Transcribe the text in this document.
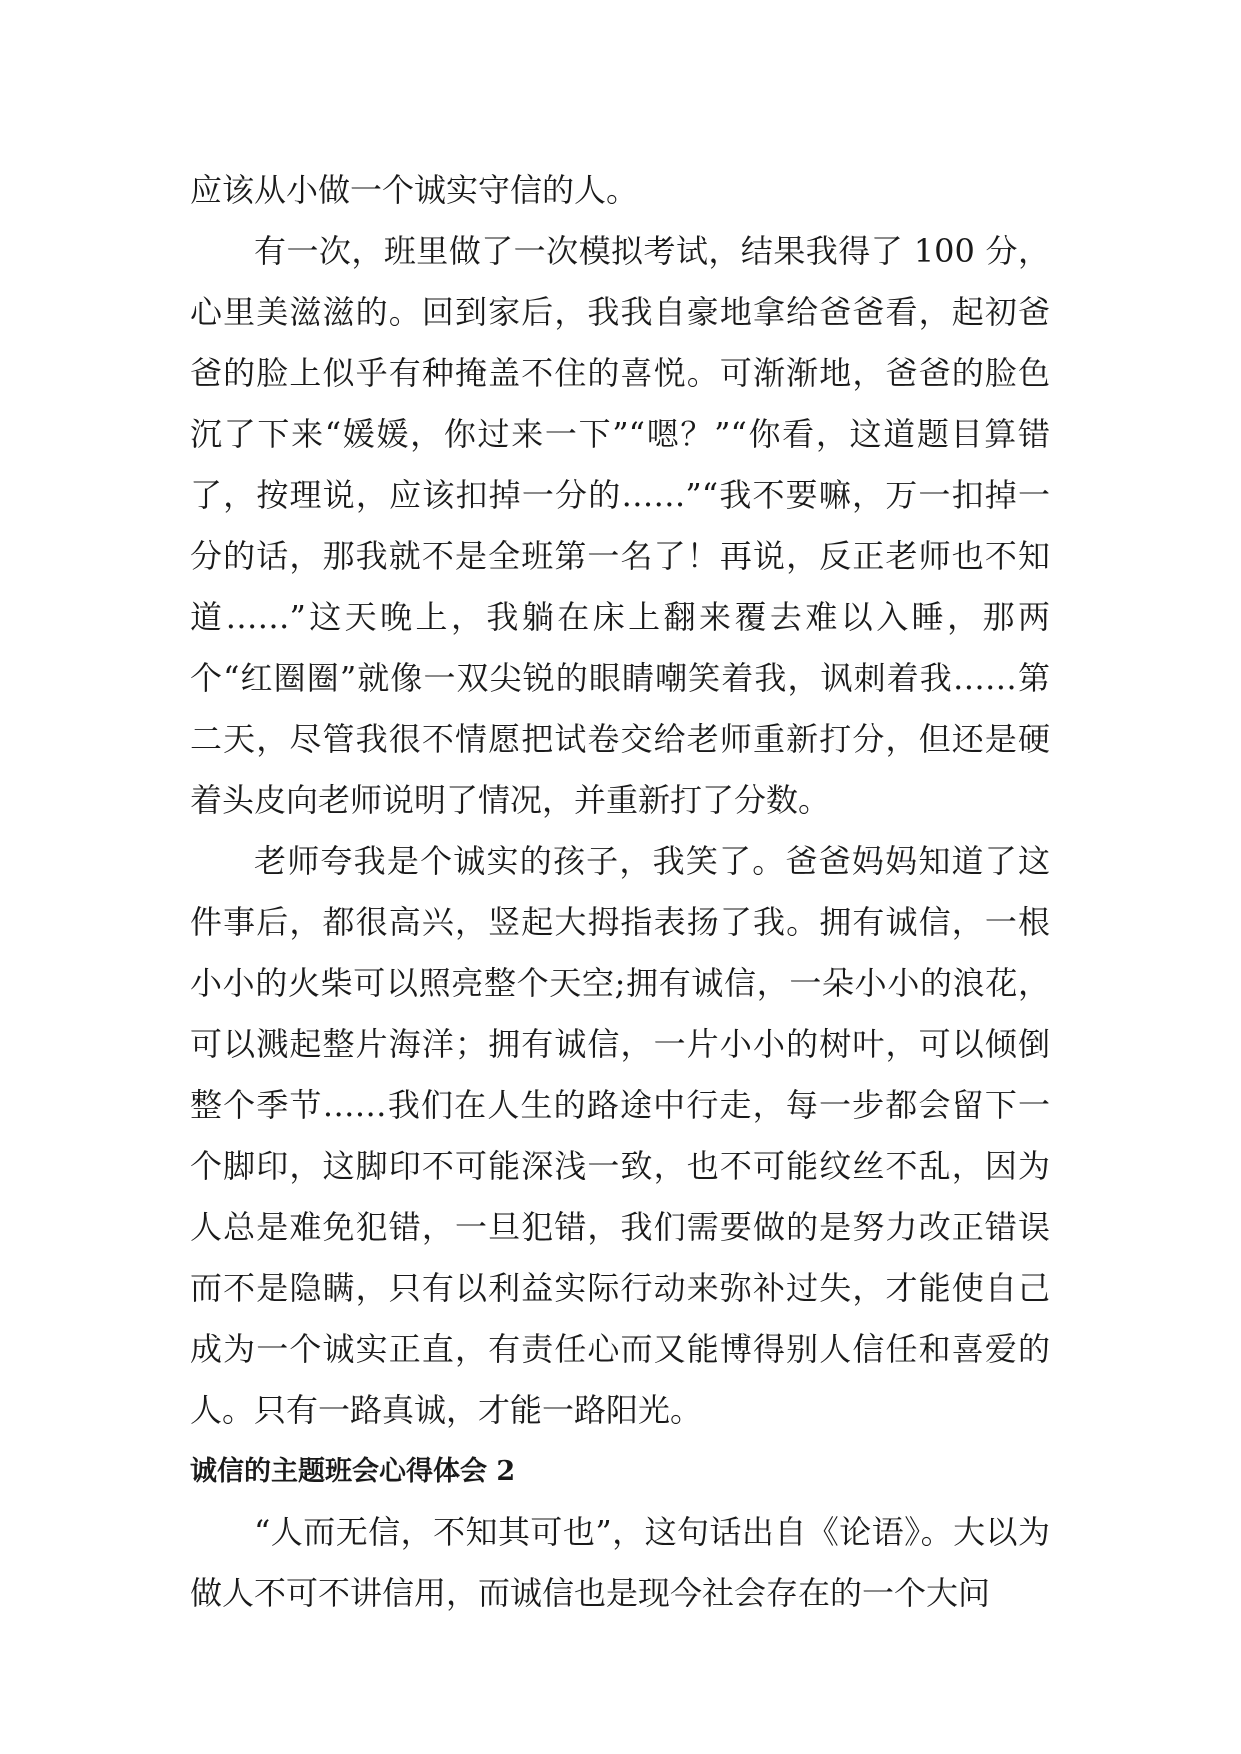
应该从小做一个诚实守信的人。

有一次，班里做了一次模拟考试，结果我得了 100 分，心里美滋滋的。回到家后，我我自豪地拿给爸爸看，起初爸爸的脸上似乎有种掩盖不住的喜悦。可渐渐地，爸爸的脸色沉了下来“媛媛，你过来一下”“嗯？”“你看，这道题目算错了，按理说，应该扣掉一分的……”“我不要嘛，万一扣掉一分的话，那我就不是全班第一名了！再说，反正老师也不知道……”这天晚上，我躺在床上翻来覆去难以入睡，那两个“红圈圈”就像一双尖锐的眼睛嘲笑着我，讽刺着我……第二天，尽管我很不情愿把试卷交给老师重新打分，但还是硬着头皮向老师说明了情况，并重新打了分数。

老师夸我是个诚实的孩子，我笑了。爸爸妈妈知道了这件事后，都很高兴，竖起大拇指表扬了我。拥有诚信，一根小小的火柴可以照亮整个天空;拥有诚信，一朵小小的浪花，可以溅起整片海洋；拥有诚信，一片小小的树叶，可以倾倒整个季节……我们在人生的路途中行走，每一步都会留下一个脚印，这脚印不可能深浅一致，也不可能纹丝不乱，因为人总是难免犯错，一旦犯错，我们需要做的是努力改正错误而不是隐瞒，只有以利益实际行动来弥补过失，才能使自己成为一个诚实正直，有责任心而又能博得别人信任和喜爱的人。只有一路真诚，才能一路阳光。

诚信的主题班会心得体会 2

“人而无信，不知其可也”，这句话出自《论语》。大以为做人不可不讲信用，而诚信也是现今社会存在的一个大问
